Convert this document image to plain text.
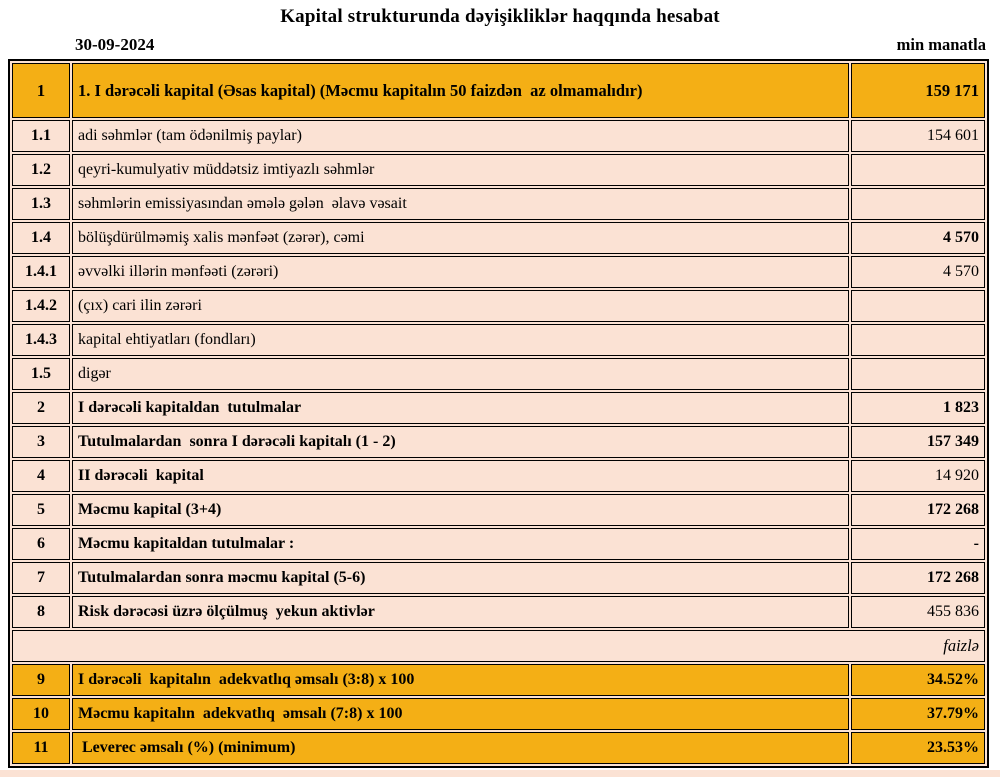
Kapital strukturunda dəyişikliklər haqqında hesabat
30-09-2024	min manatla
1	1. I dərəcəli kapital (Əsas kapital) (Məcmu kapitalın 50 faizdən  az olmamalıdır)	159 171
1.1	adi səhmlər (tam ödənilmiş paylar)	154 601
1.2	qeyri-kumulyativ müddətsiz imtiyazlı səhmlər	
1.3	səhmlərin emissiyasından əmələ gələn  əlavə vəsait	
1.4	bölüşdürülməmiş xalis mənfəət (zərər), cəmi	4 570
1.4.1	əvvəlki illərin mənfəəti (zərəri)	4 570
1.4.2	(çıx) cari ilin zərəri	
1.4.3	kapital ehtiyatları (fondları)	
1.5	digər	
2	I dərəcəli kapitaldan  tutulmalar	1 823
3	Tutulmalardan  sonra I dərəcəli kapitalı (1 - 2)	157 349
4	II dərəcəli  kapital	14 920
5	Məcmu kapital (3+4)	172 268
6	Məcmu kapitaldan tutulmalar :	-
7	Tutulmalardan sonra məcmu kapital (5-6)	172 268
8	Risk dərəcəsi üzrə ölçülmuş  yekun aktivlər	455 836
faizlə		
9	I dərəcəli  kapitalın  adekvatlıq əmsalı (3:8) x 100	34.52%
10	Məcmu kapitalın  adekvatlıq  əmsalı (7:8) x 100	37.79%
11	Leverec əmsalı (%) (minimum)	23.53%
